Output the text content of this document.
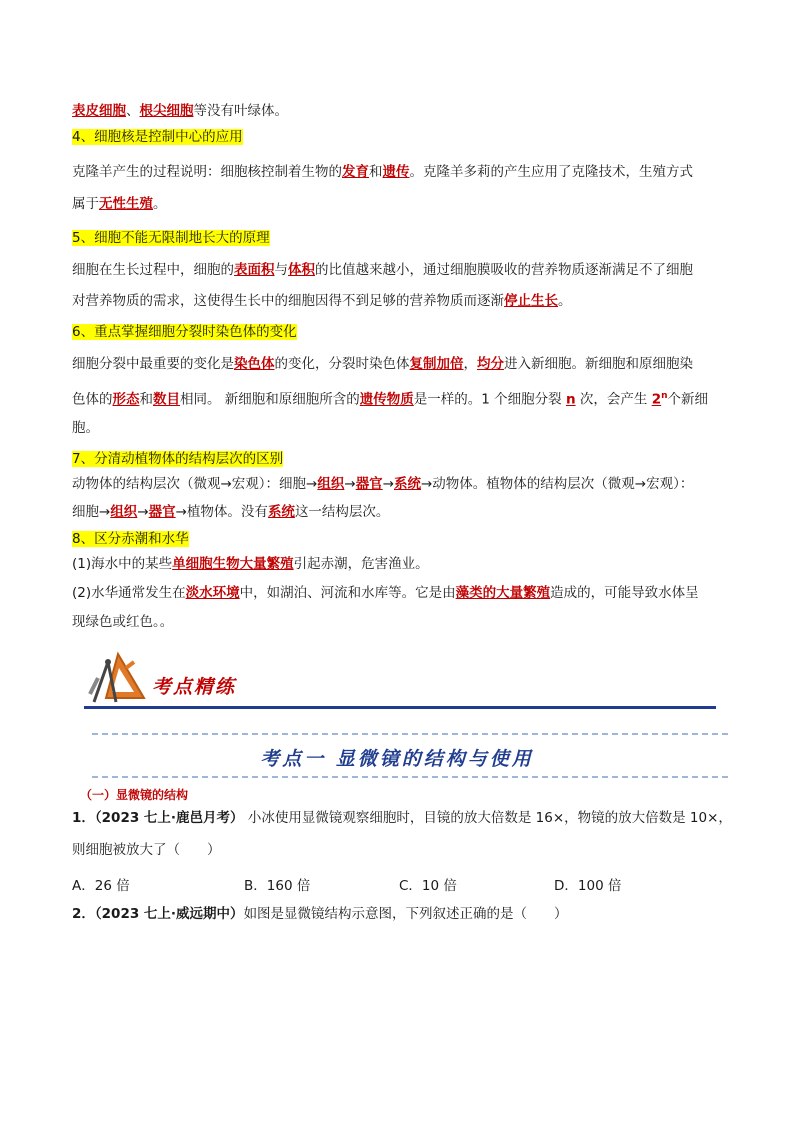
表皮细胞、根尖细胞等没有叶绿体。
4、细胞核是控制中心的应用
克隆羊产生的过程说明：细胞核控制着生物的发育和遗传。克隆羊多莉的产生应用了克隆技术，生殖方式
属于无性生殖。
5、细胞不能无限制地长大的原理
细胞在生长过程中，细胞的表面积与体积的比值越来越小，通过细胞膜吸收的营养物质逐渐满足不了细胞
对营养物质的需求，这使得生长中的细胞因得不到足够的营养物质而逐渐停止生长。
6、重点掌握细胞分裂时染色体的变化
细胞分裂中最重要的变化是染色体的变化，分裂时染色体复制加倍，均分进入新细胞。新细胞和原细胞染
色体的形态和数目相同。 新细胞和原细胞所含的遗传物质是一样的。1 个细胞分裂 n 次，会产生 2$^n$个新细
胞。
7、分清动植物体的结构层次的区别
动物体的结构层次（微观→宏观）：细胞→组织→器官→系统→动物体。植物体的结构层次（微观→宏观）：
细胞→组织→器官→植物体。没有系统这一结构层次。
8、区分赤潮和水华
(1)海水中的某些单细胞生物大量繁殖引起赤潮，危害渔业。
(2)水华通常发生在淡水环境中，如湖泊、河流和水库等。它是由藻类的大量繁殖造成的，可能导致水体呈
现绿色或红色。。
考点精练
考点一 显微镜的结构与使用
（一）显微镜的结构
1．（2023 七上·鹿邑月考） 小冰使用显微镜观察细胞时，目镜的放大倍数是 16×，物镜的放大倍数是 10×，
则细胞被放大了（　　）
A．26 倍	B．160 倍	C．10 倍	D．100 倍
2．（2023 七上·威远期中）如图是显微镜结构示意图，下列叙述正确的是（　　）
